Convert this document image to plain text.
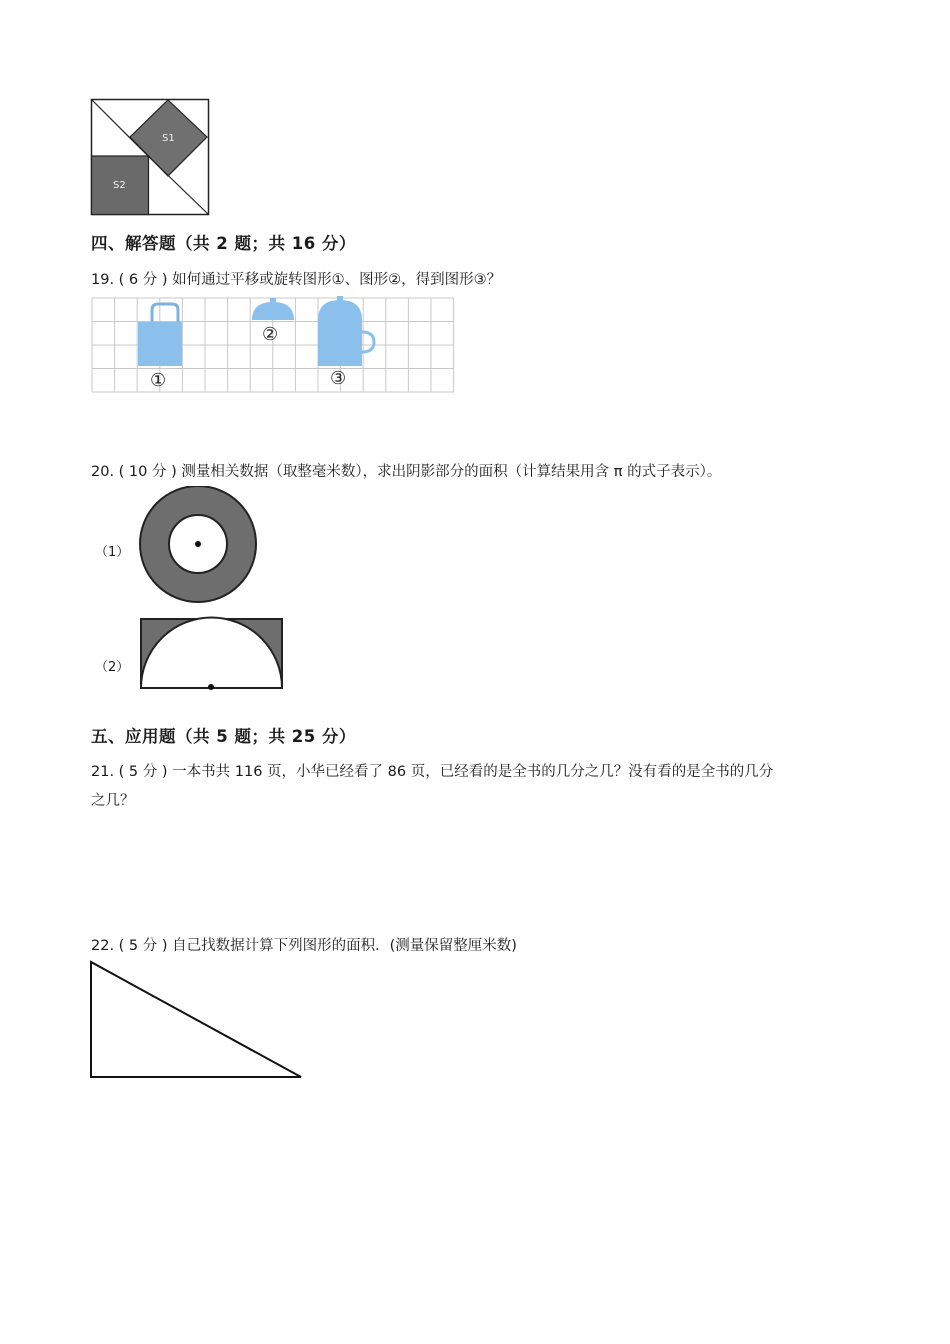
S1
S2
四、解答题（共 2 题；共 16 分）
19. ( 6 分 ) 如何通过平移或旋转图形①、图形②，得到图形③？
①
②
③
20. ( 10 分 ) 测量相关数据（取整毫米数），求出阴影部分的面积（计算结果用含 π 的式子表示）。
（1）
（2）
五、应用题（共 5 题；共 25 分）
21. ( 5 分 ) 一本书共 116 页，小华已经看了 86 页，已经看的是全书的几分之几？没有看的是全书的几分
之几？
22. ( 5 分 ) 自己找数据计算下列图形的面积．(测量保留整厘米数)
